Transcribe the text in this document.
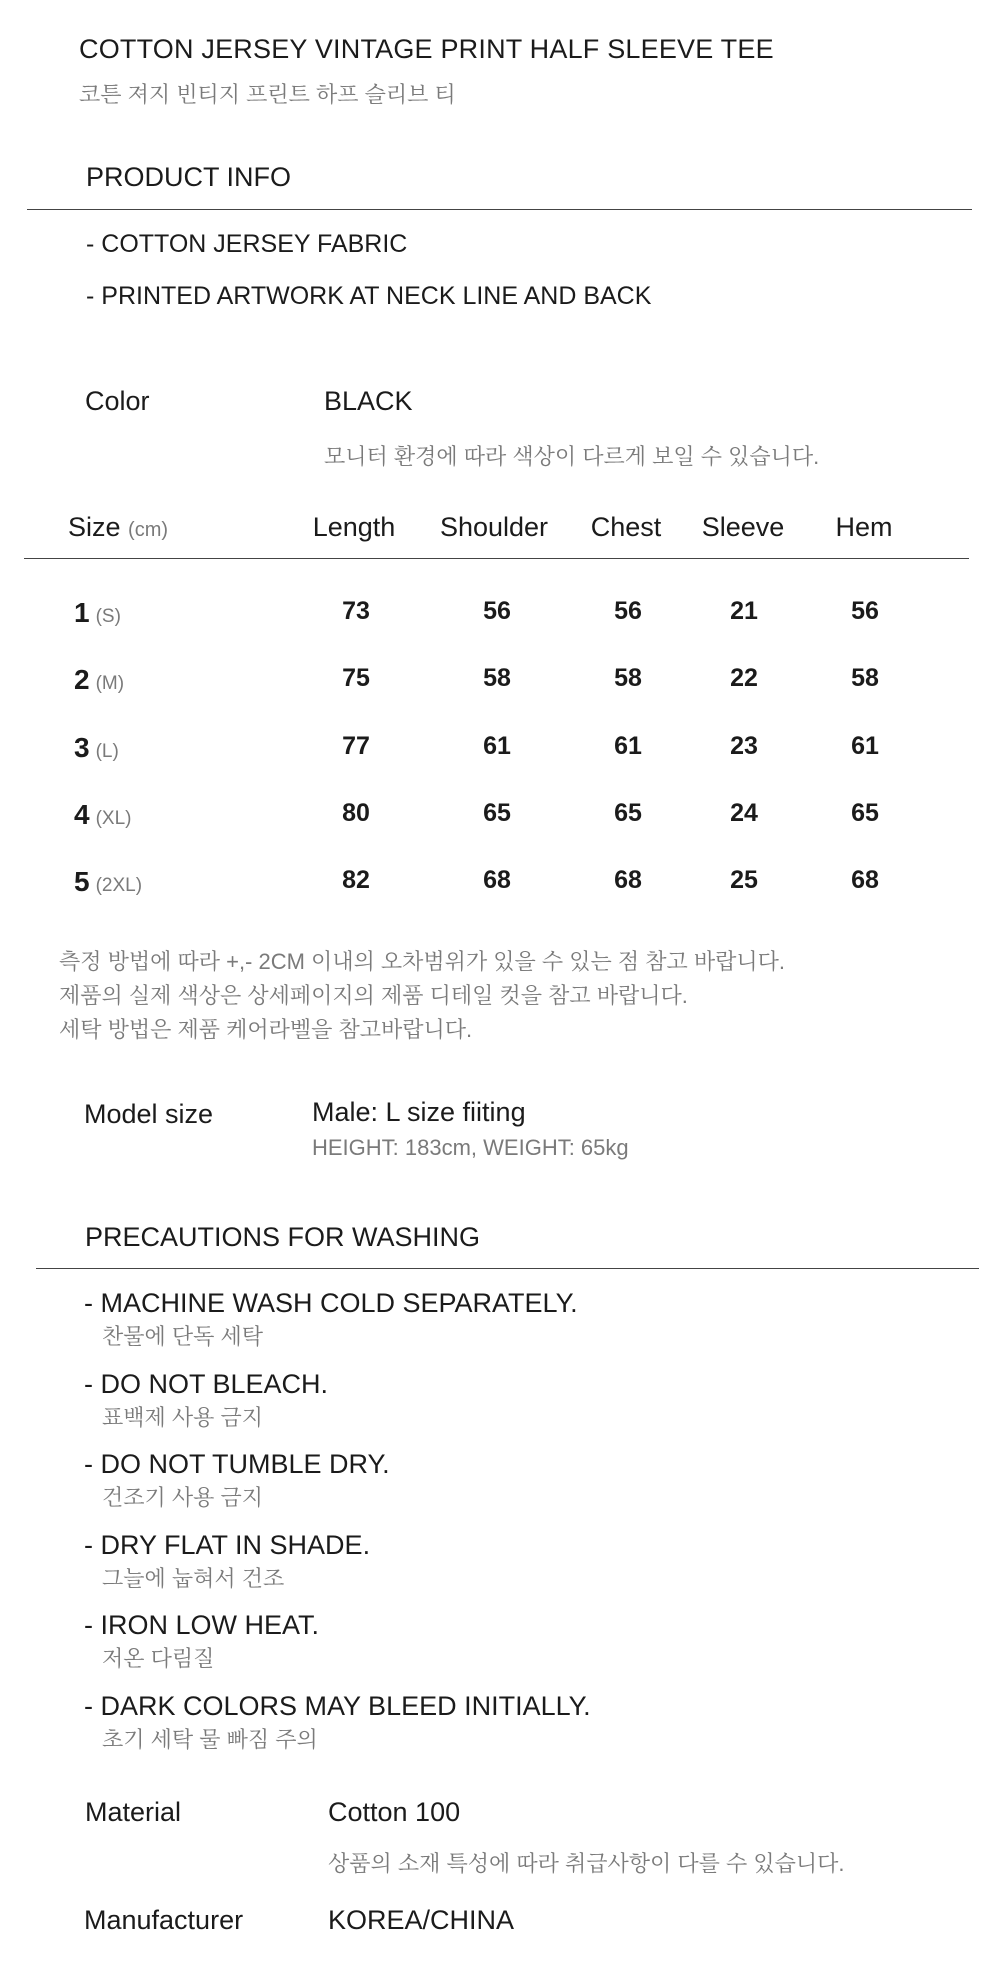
COTTON JERSEY VINTAGE PRINT HALF SLEEVE TEE
코튼 져지 빈티지 프린트 하프 슬리브 티
PRODUCT INFO
- COTTON JERSEY FABRIC
- PRINTED ARTWORK AT NECK LINE AND BACK
Color	BLACK
모니터 환경에 따라 색상이 다르게 보일 수 있습니다.
Size (cm)	Length Shoulder Chest Sleeve Hem
1 (S)	73	56	56	21	56
2 (M)	75	58	58	22	58
3 (L)	77	61	61	23	61
4 (XL)	80	65	65	24	65
5 (2XL)	82	68	68	25	68
측정 방법에 따라 +,- 2CM 이내의 오차범위가 있을 수 있는 점 참고 바랍니다.
제품의 실제 색상은 상세페이지의 제품 디테일 컷을 참고 바랍니다.
세탁 방법은 제품 케어라벨을 참고바랍니다.
Model size	Male: L size fiiting
HEIGHT: 183cm, WEIGHT: 65kg
PRECAUTIONS FOR WASHING
- MACHINE WASH COLD SEPARATELY.
찬물에 단독 세탁
- DO NOT BLEACH.
표백제 사용 금지
- DO NOT TUMBLE DRY.
건조기 사용 금지
- DRY FLAT IN SHADE.
그늘에 눕혀서 건조
- IRON LOW HEAT.
저온 다림질
- DARK COLORS MAY BLEED INITIALLY.
초기 세탁 물 빠짐 주의
Material	Cotton 100
상품의 소재 특성에 따라 취급사항이 다를 수 있습니다.
Manufacturer	KOREA/CHINA
